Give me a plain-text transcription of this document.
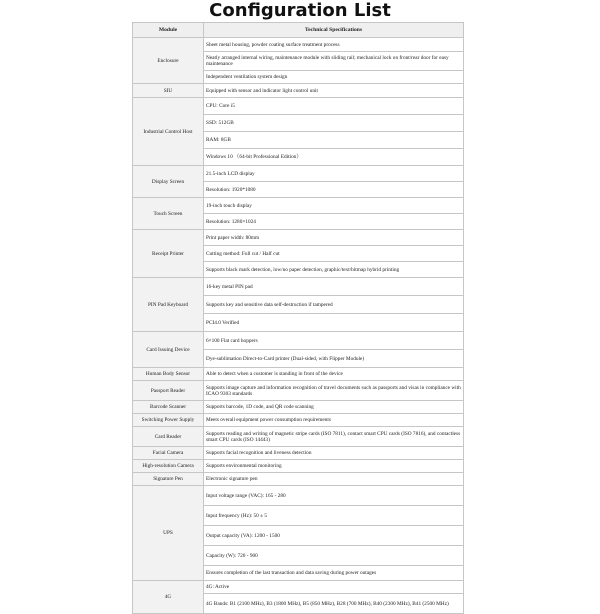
Configuration List
Module	Technical Specifications
Enclosure	Sheet metal housing, powder coating surface treatment process
	Neatly arranged internal wiring, maintenance module with sliding rail; mechanical lock on front/rear door for easy maintenance
	Independent ventilation system design
SIU	Equipped with sensor and indicator light control unit
Industrial Control Host	CPU: Core i5
	SSD: 512GB
	RAM: 8GB
	Windows 10 （64-bit Professional Edition）
Display Screen	21.5-inch LCD display
	Resolution: 1920*1080
Touch Screen	19-inch touch display
	Resolution: 1280×1024
Receipt Printer	Print paper width: 80mm
	Cutting method: Full cut / Half cut
	Supports black mark detection, low/no paper detection, graphic/text/bitmap hybrid printing
PIN Pad Keyboard	16-key metal PIN pad
	Supports key and sensitive data self-destruction if tampered
	PCI4.0 Verified
Card Issuing Device	6×100 Flat card hoppers
	Dye-sublimation Direct-to-Card printer (Dual-sided, with Flipper Module)
Human Body Sensor	Able to detect when a customer is standing in front of the device
Passport Reader	Supports image capture and information recognition of travel documents such as passports and visas in compliance with ICAO 9303 standards
Barcode Scanner	Supports barcode, 1D code, and QR code scanning
Switching Power Supply	Meets overall equipment power consumption requirements
Card Reader	Supports reading and writing of magnetic stripe cards (ISO 7811), contact smart CPU cards (ISO 7816), and contactless smart CPU cards (ISO 14443)
Facial Camera	Supports facial recognition and liveness detection
High-resolution Camera	Supports environmental monitoring
Signature Pen	Electronic signature pen
UPS	Input voltage range (VAC): 165 - 280
	Input frequency (Hz): 50 ± 5
	Output capacity (VA): 1200 - 1500
	Capacity (W): 720 - 900
	Ensures completion of the last transaction and data saving during power outages
4G	4G: Active
	4G Bands: B1 (2100 MHz), B3 (1800 MHz), B5 (850 MHz), B28 (700 MHz), B40 (2300 MHz), B41 (2500 MHz)
